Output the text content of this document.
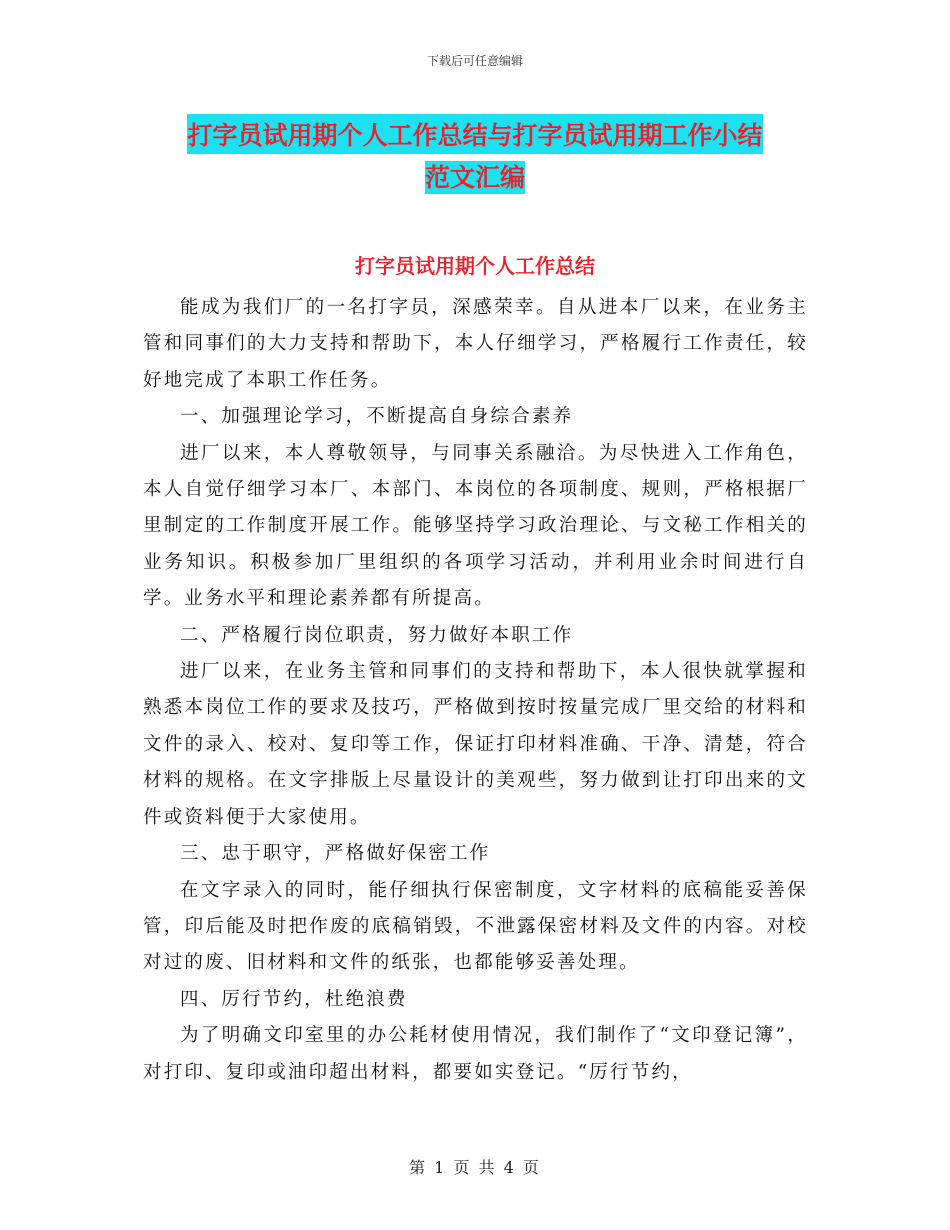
下载后可任意编辑
打字员试用期个人工作总结与打字员试用期工作小结
范文汇编
打字员试用期个人工作总结

能成为我们厂的一名打字员，深感荣幸。自从进本厂以来，在业务主管和同事们的大力支持和帮助下，本人仔细学习，严格履行工作责任，较好地完成了本职工作任务。

一、加强理论学习，不断提高自身综合素养

进厂以来，本人尊敬领导，与同事关系融洽。为尽快进入工作角色，本人自觉仔细学习本厂、本部门、本岗位的各项制度、规则，严格根据厂里制定的工作制度开展工作。能够坚持学习政治理论、与文秘工作相关的业务知识。积极参加厂里组织的各项学习活动，并利用业余时间进行自学。业务水平和理论素养都有所提高。

二、严格履行岗位职责，努力做好本职工作

进厂以来，在业务主管和同事们的支持和帮助下，本人很快就掌握和熟悉本岗位工作的要求及技巧，严格做到按时按量完成厂里交给的材料和文件的录入、校对、复印等工作，保证打印材料准确、干净、清楚，符合材料的规格。在文字排版上尽量设计的美观些，努力做到让打印出来的文件或资料便于大家使用。

三、忠于职守，严格做好保密工作

在文字录入的同时，能仔细执行保密制度，文字材料的底稿能妥善保管，印后能及时把作废的底稿销毁，不泄露保密材料及文件的内容。对校对过的废、旧材料和文件的纸张，也都能够妥善处理。

四、厉行节约，杜绝浪费

为了明确文印室里的办公耗材使用情况，我们制作了“文印登记簿”，对打印、复印或油印超出材料，都要如实登记。“厉行节约，

第 1 页 共 4 页
